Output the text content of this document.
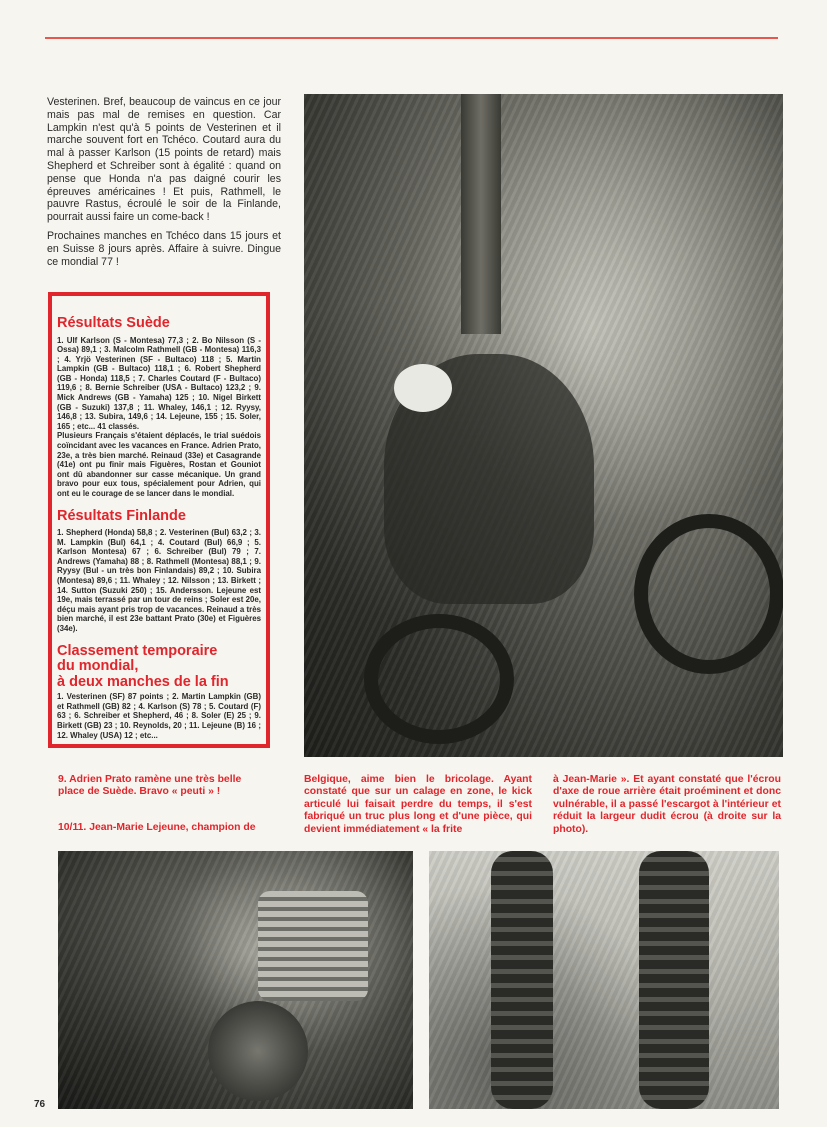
Vesterinen. Bref, beaucoup de vaincus en ce jour mais pas mal de remises en question. Car Lampkin n'est qu'à 5 points de Vesterinen et il marche souvent fort en Tchéco. Coutard aura du mal à passer Karlson (15 points de retard) mais Shepherd et Schreiber sont à égalité : quand on pense que Honda n'a pas daigné courir les épreuves américaines ! Et puis, Rathmell, le pauvre Rastus, écroulé le soir de la Finlande, pourrait aussi faire un come-back !

Prochaines manches en Tchéco dans 15 jours et en Suisse 8 jours après. Affaire à suivre. Dingue ce mondial 77 !

Résultats Suède

1. Ulf Karlson (S - Montesa) 77,3 ; 2. Bo Nilsson (S - Ossa) 89,1 ; 3. Malcolm Rathmell (GB - Montesa) 116,3 ; 4. Yrjö Vesterinen (SF - Bultaco) 118 ; 5. Martin Lampkin (GB - Bultaco) 118,1 ; 6. Robert Shepherd (GB - Honda) 118,5 ; 7. Charles Coutard (F - Bultaco) 119,6 ; 8. Bernie Schreiber (USA - Bultaco) 123,2 ; 9. Mick Andrews (GB - Yamaha) 125 ; 10. Nigel Birkett (GB - Suzuki) 137,8 ; 11. Whaley, 146,1 ; 12. Ryysy, 146,8 ; 13. Subira, 149,6 ; 14. Lejeune, 155 ; 15. Soler, 165 ; etc... 41 classés.

Plusieurs Français s'étaient déplacés, le trial suédois coïncidant avec les vacances en France. Adrien Prato, 23e, a très bien marché. Reinaud (33e) et Casagrande (41e) ont pu finir mais Figuères, Rostan et Gouniot ont dû abandonner sur casse mécanique. Un grand bravo pour eux tous, spécialement pour Adrien, qui ont eu le courage de se lancer dans le mondial.

Résultats Finlande

1. Shepherd (Honda) 58,8 ; 2. Vesterinen (Bul) 63,2 ; 3. M. Lampkin (Bul) 64,1 ; 4. Coutard (Bul) 66,9 ; 5. Karlson Montesa) 67 ; 6. Schreiber (Bul) 79 ; 7. Andrews (Yamaha) 88 ; 8. Rathmell (Montesa) 88,1 ; 9. Ryysy (Bul - un très bon Finlandais) 89,2 ; 10. Subira (Montesa) 89,6 ; 11. Whaley ; 12. Nilsson ; 13. Birkett ; 14. Sutton (Suzuki 250) ; 15. Andersson. Lejeune est 19e, mais terrassé par un tour de reins ; Soler est 20e, déçu mais ayant pris trop de vacances. Reinaud a très bien marché, il est 23e battant Prato (30e) et Figuères (34e).

Classement temporaire
du mondial,
à deux manches de la fin

1. Vesterinen (SF) 87 points ; 2. Martin Lampkin (GB) et Rathmell (GB) 82 ; 4. Karlson (S) 78 ; 5. Coutard (F) 63 ; 6. Schreiber et Shepherd, 46 ; 8. Soler (E) 25 ; 9. Birkett (GB) 23 ; 10. Reynolds, 20 ; 11. Lejeune (B) 16 ; 12. Whaley (USA) 12 ; etc...

9. Adrien Prato ramène une très belle place de Suède. Bravo « peuti » !

10/11. Jean-Marie Lejeune, champion de

Belgique, aime bien le bricolage. Ayant constaté que sur un calage en zone, le kick articulé lui faisait perdre du temps, il s'est fabriqué un truc plus long et d'une pièce, qui devient immédiatement « la frite

à Jean-Marie ». Et ayant constaté que l'écrou d'axe de roue arrière était proéminent et donc vulnérable, il a passé l'escargot à l'intérieur et réduit la largeur dudit écrou (à droite sur la photo).

76
